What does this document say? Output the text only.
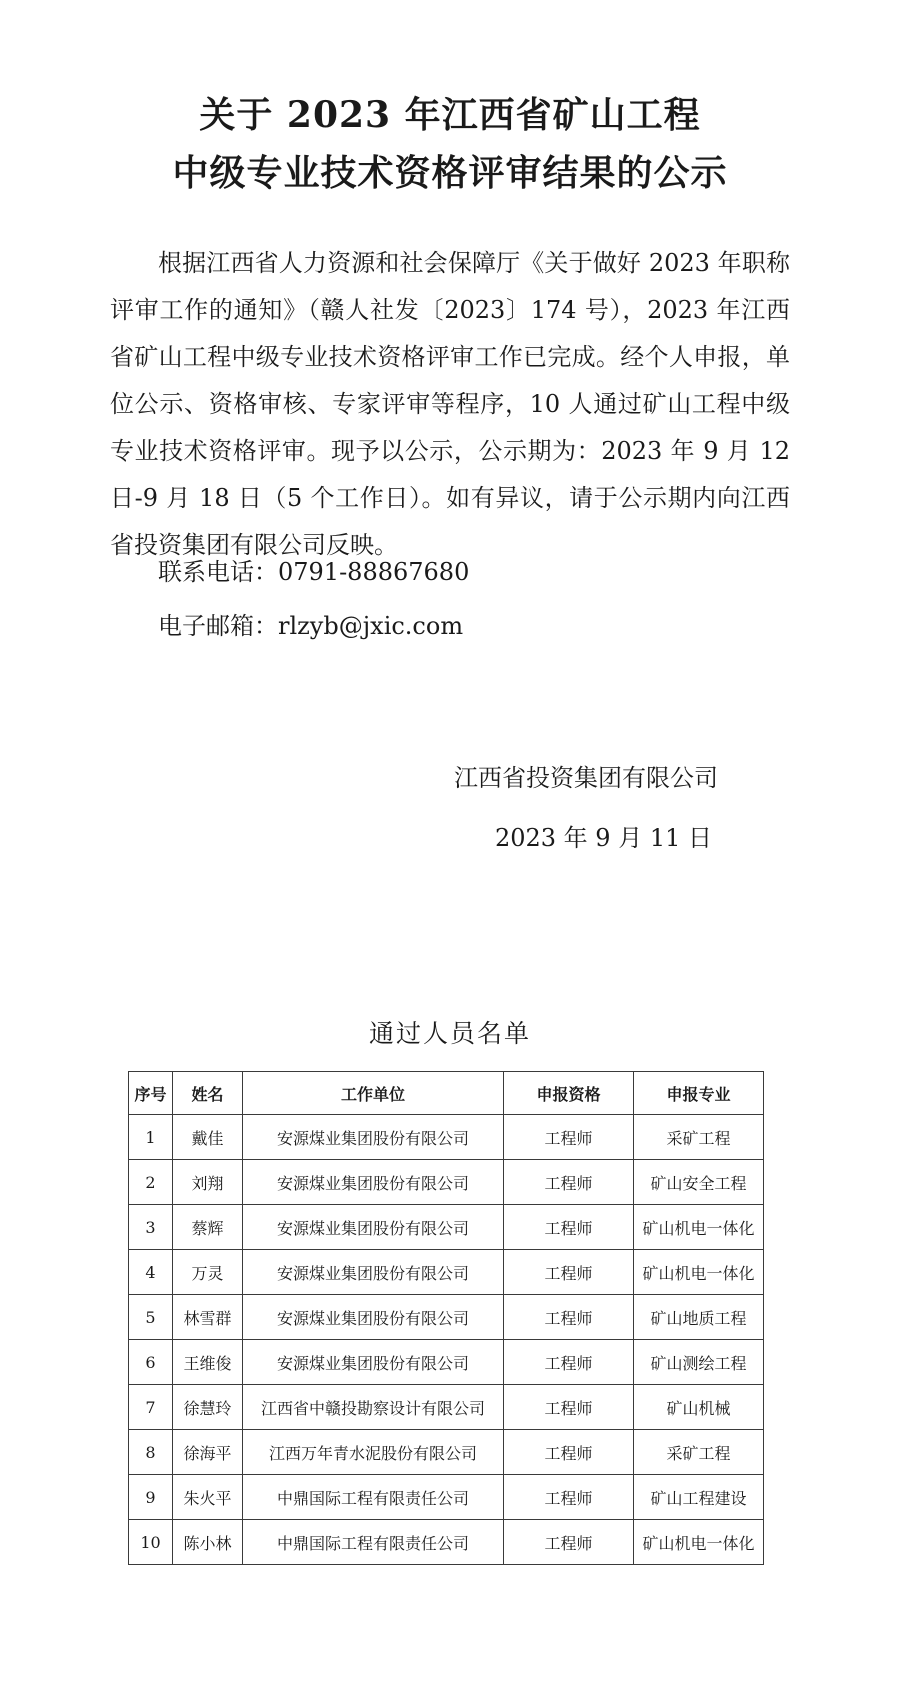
关于 2023 年江西省矿山工程
中级专业技术资格评审结果的公示
根据江西省人力资源和社会保障厅《关于做好 2023 年职称评审工作的通知》（赣人社发〔2023〕174 号），2023 年江西省矿山工程中级专业技术资格评审工作已完成。经个人申报，单位公示、资格审核、专家评审等程序，10 人通过矿山工程中级专业技术资格评审。现予以公示，公示期为：2023 年 9 月 12 日-9 月 18 日（5 个工作日）。如有异议，请于公示期内向江西省投资集团有限公司反映。
联系电话：0791-88867680
电子邮箱：rlzyb@jxic.com
江西省投资集团有限公司
2023 年 9 月 11 日
通过人员名单
序号	姓名	工作单位	申报资格	申报专业
1	戴佳	安源煤业集团股份有限公司	工程师	采矿工程
2	刘翔	安源煤业集团股份有限公司	工程师	矿山安全工程
3	蔡辉	安源煤业集团股份有限公司	工程师	矿山机电一体化
4	万灵	安源煤业集团股份有限公司	工程师	矿山机电一体化
5	林雪群	安源煤业集团股份有限公司	工程师	矿山地质工程
6	王维俊	安源煤业集团股份有限公司	工程师	矿山测绘工程
7	徐慧玲	江西省中赣投勘察设计有限公司	工程师	矿山机械
8	徐海平	江西万年青水泥股份有限公司	工程师	采矿工程
9	朱火平	中鼎国际工程有限责任公司	工程师	矿山工程建设
10	陈小林	中鼎国际工程有限责任公司	工程师	矿山机电一体化
